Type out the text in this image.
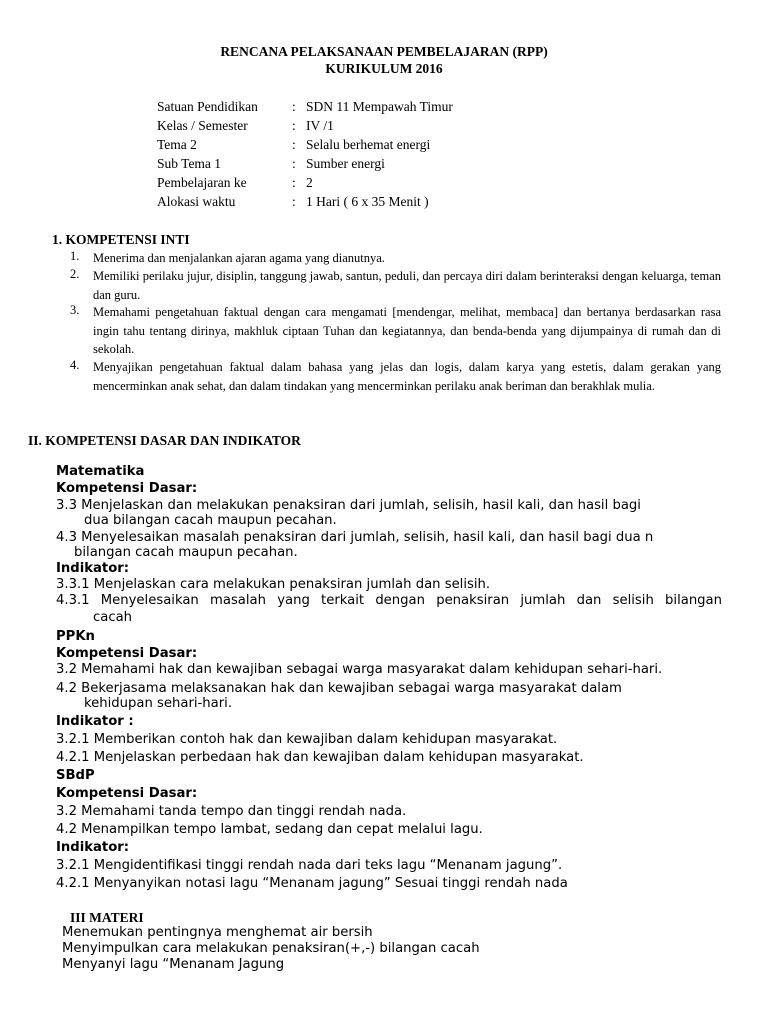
RENCANA PELAKSANAAN PEMBELAJARAN (RPP)
KURIKULUM 2016
Satuan Pendidikan	: SDN 11 Mempawah Timur
Kelas / Semester	: IV /1
Tema 2	: Selalu berhemat energi
Sub Tema 1	: Sumber energi
Pembelajaran ke	: 2
Alokasi waktu	: 1 Hari ( 6 x 35 Menit )
1. KOMPETENSI INTI
1. Menerima dan menjalankan ajaran agama yang dianutnya.
2. Memiliki perilaku jujur, disiplin, tanggung jawab, santun, peduli, dan percaya diri dalam berinteraksi dengan keluarga, teman dan guru.
3. Memahami pengetahuan faktual dengan cara mengamati [mendengar, melihat, membaca] dan bertanya berdasarkan rasa ingin tahu tentang dirinya, makhluk ciptaan Tuhan dan kegiatannya, dan benda-benda yang dijumpainya di rumah dan di sekolah.
4. Menyajikan pengetahuan faktual dalam bahasa yang jelas dan logis, dalam karya yang estetis, dalam gerakan yang mencerminkan anak sehat, dan dalam tindakan yang mencerminkan perilaku anak beriman dan berakhlak mulia.
II. KOMPETENSI DASAR DAN INDIKATOR
Matematika
Kompetensi Dasar:
3.3 Menjelaskan dan melakukan penaksiran dari jumlah, selisih, hasil kali, dan hasil bagi
dua bilangan cacah maupun pecahan.
4.3 Menyelesaikan masalah penaksiran dari jumlah, selisih, hasil kali, dan hasil bagi dua n
bilangan cacah maupun pecahan.
Indikator:
3.3.1 Menjelaskan cara melakukan penaksiran jumlah dan selisih.
4.3.1 Menyelesaikan masalah yang terkait dengan penaksiran jumlah dan selisih bilangan
cacah
PPKn
Kompetensi Dasar:
3.2 Memahami hak dan kewajiban sebagai warga masyarakat dalam kehidupan sehari-hari.
4.2 Bekerjasama melaksanakan hak dan kewajiban sebagai warga masyarakat dalam
kehidupan sehari-hari.
Indikator :
3.2.1 Memberikan contoh hak dan kewajiban dalam kehidupan masyarakat.
4.2.1 Menjelaskan perbedaan hak dan kewajiban dalam kehidupan masyarakat.
SBdP
Kompetensi Dasar:
3.2 Memahami tanda tempo dan tinggi rendah nada.
4.2 Menampilkan tempo lambat, sedang dan cepat melalui lagu.
Indikator:
3.2.1 Mengidentifikasi tinggi rendah nada dari teks lagu “Menanam jagung”.
4.2.1 Menyanyikan notasi lagu “Menanam jagung” Sesuai tinggi rendah nada
III MATERI
Menemukan pentingnya menghemat air bersih
Menyimpulkan cara melakukan penaksiran(+,-) bilangan cacah
Menyanyi lagu “Menanam Jagung
